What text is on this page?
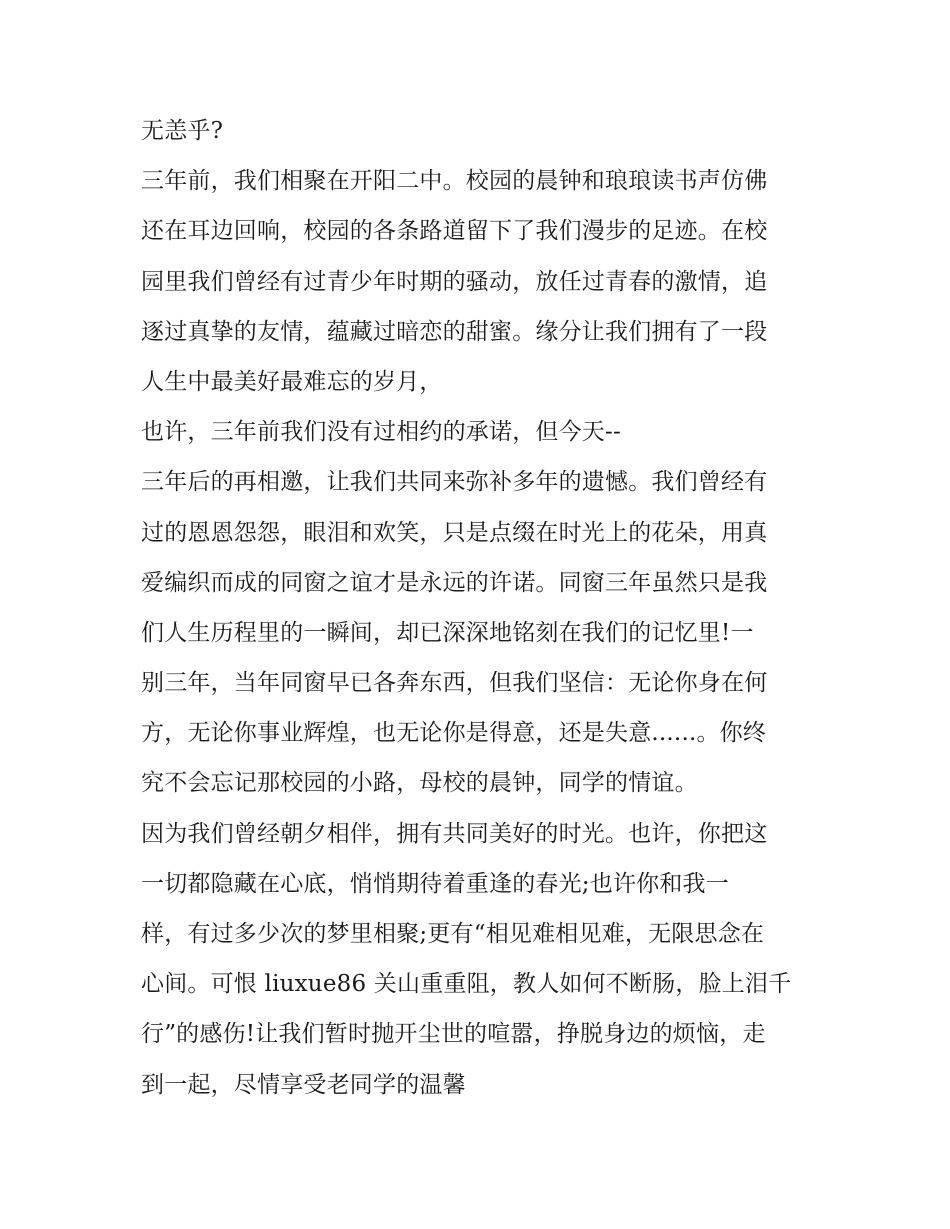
无恙乎?
三年前，我们相聚在开阳二中。校园的晨钟和琅琅读书声仿佛
还在耳边回响，校园的各条路道留下了我们漫步的足迹。在校
园里我们曾经有过青少年时期的骚动，放任过青春的激情，追
逐过真挚的友情，蕴藏过暗恋的甜蜜。缘分让我们拥有了一段
人生中最美好最难忘的岁月，
也许，三年前我们没有过相约的承诺，但今天--
三年后的再相邀，让我们共同来弥补多年的遗憾。我们曾经有
过的恩恩怨怨，眼泪和欢笑，只是点缀在时光上的花朵，用真
爱编织而成的同窗之谊才是永远的许诺。同窗三年虽然只是我
们人生历程里的一瞬间，却已深深地铭刻在我们的记忆里!一
别三年，当年同窗早已各奔东西，但我们坚信：无论你身在何
方，无论你事业辉煌，也无论你是得意，还是失意......。你终
究不会忘记那校园的小路，母校的晨钟，同学的情谊。
因为我们曾经朝夕相伴，拥有共同美好的时光。也许，你把这
一切都隐藏在心底，悄悄期待着重逢的春光;也许你和我一
样，有过多少次的梦里相聚;更有“相见难相见难，无限思念在
心间。可恨 liuxue86 关山重重阻，教人如何不断肠，脸上泪千
行”的感伤!让我们暂时抛开尘世的喧嚣，挣脱身边的烦恼，走
到一起，尽情享受老同学的温馨
